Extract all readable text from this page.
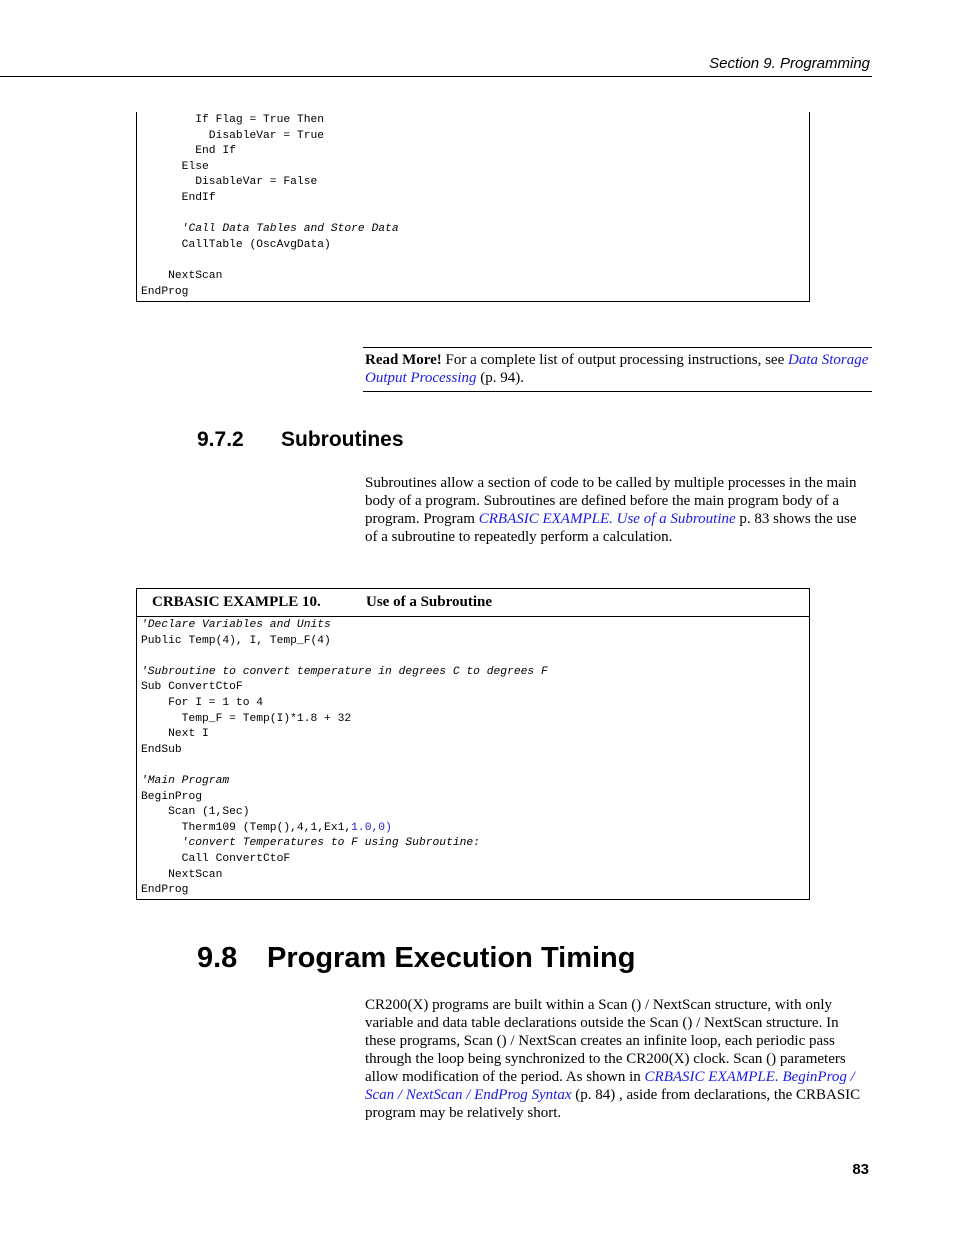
Section 9. Programming
If Flag = True Then
DisableVar = True
End If
Else
DisableVar = False
EndIf
'Call Data Tables and Store Data
CallTable (OscAvgData)
NextScan
EndProg
Read More! For a complete list of output processing instructions, see Data Storage Output Processing (p. 94).
9.7.2 Subroutines
Subroutines allow a section of code to be called by multiple processes in the main body of a program. Subroutines are defined before the main program body of a program. Program CRBASIC EXAMPLE. Use of a Subroutine p. 83 shows the use of a subroutine to repeatedly perform a calculation.
CRBASIC EXAMPLE 10.	Use of a Subroutine
'Declare Variables and Units
Public Temp(4), I, Temp_F(4)
'Subroutine to convert temperature in degrees C to degrees F
Sub ConvertCtoF
For I = 1 to 4
Temp_F = Temp(I)*1.8 + 32
Next I
EndSub
'Main Program
BeginProg
Scan (1,Sec)
Therm109 (Temp(),4,1,Ex1,1.0,0)
'convert Temperatures to F using Subroutine:
Call ConvertCtoF
NextScan
EndProg
9.8 Program Execution Timing
CR200(X) programs are built within a Scan () / NextScan structure, with only variable and data table declarations outside the Scan () / NextScan structure. In these programs, Scan () / NextScan creates an infinite loop, each periodic pass through the loop being synchronized to the CR200(X) clock. Scan () parameters allow modification of the period. As shown in CRBASIC EXAMPLE. BeginProg / Scan / NextScan / EndProg Syntax (p. 84) , aside from declarations, the CRBASIC program may be relatively short.
83
